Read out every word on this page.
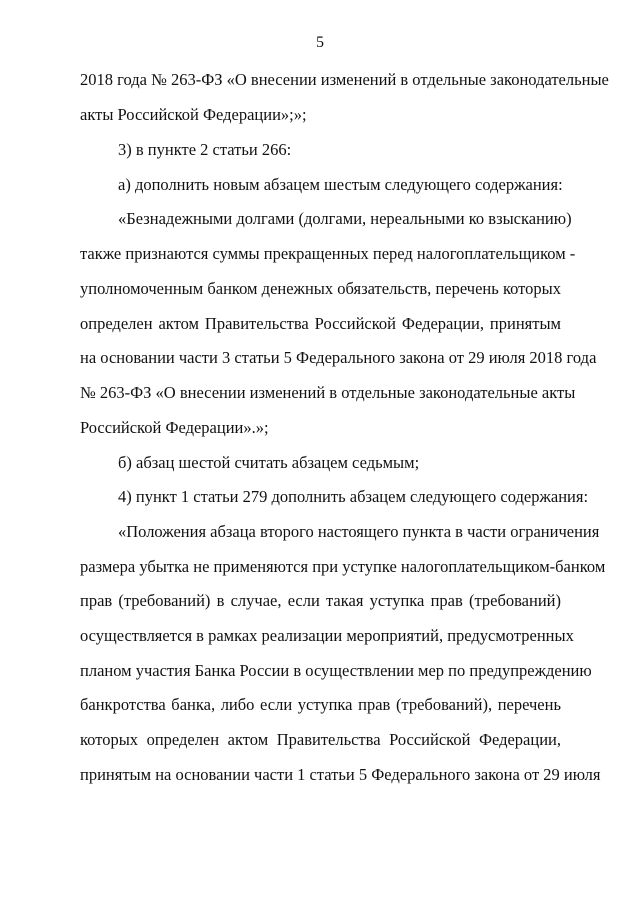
5
2018 года № 263-ФЗ «О внесении изменений в отдельные законодательные
акты Российской Федерации»;»;
3) в пункте 2 статьи 266:
а) дополнить новым абзацем шестым следующего содержания:
«Безнадежными долгами (долгами, нереальными ко взысканию)
также признаются суммы прекращенных перед налогоплательщиком -
уполномоченным банком денежных обязательств, перечень которых
определен актом Правительства Российской Федерации, принятым
на основании части 3 статьи 5 Федерального закона от 29 июля 2018 года
№ 263-ФЗ «О внесении изменений в отдельные законодательные акты
Российской Федерации».»;
б) абзац шестой считать абзацем седьмым;
4) пункт 1 статьи 279 дополнить абзацем следующего содержания:
«Положения абзаца второго настоящего пункта в части ограничения
размера убытка не применяются при уступке налогоплательщиком-банком
прав (требований) в случае, если такая уступка прав (требований)
осуществляется в рамках реализации мероприятий, предусмотренных
планом участия Банка России в осуществлении мер по предупреждению
банкротства банка, либо если уступка прав (требований), перечень
которых определен актом Правительства Российской Федерации,
принятым на основании части 1 статьи 5 Федерального закона от 29 июля
